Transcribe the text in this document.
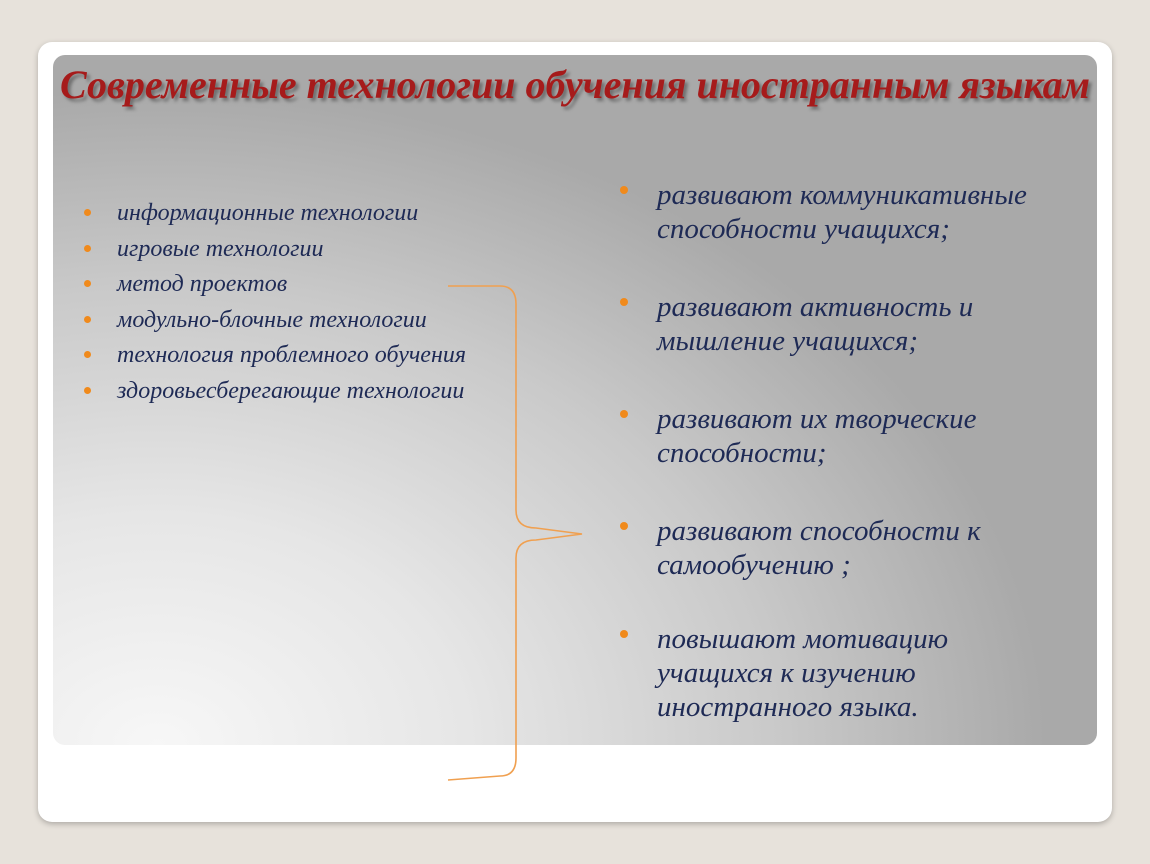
Современные технологии обучения иностранным языкам
информационные технологии
игровые технологии
метод проектов
модульно-блочные технологии
технология проблемного обучения
здоровьесберегающие технологии
развивают коммуникативные способности учащихся;
развивают активность и мышление учащихся;
развивают их творческие способности;
развивают способности к самообучению ;
повышают мотивацию учащихся к изучению иностранного языка.
